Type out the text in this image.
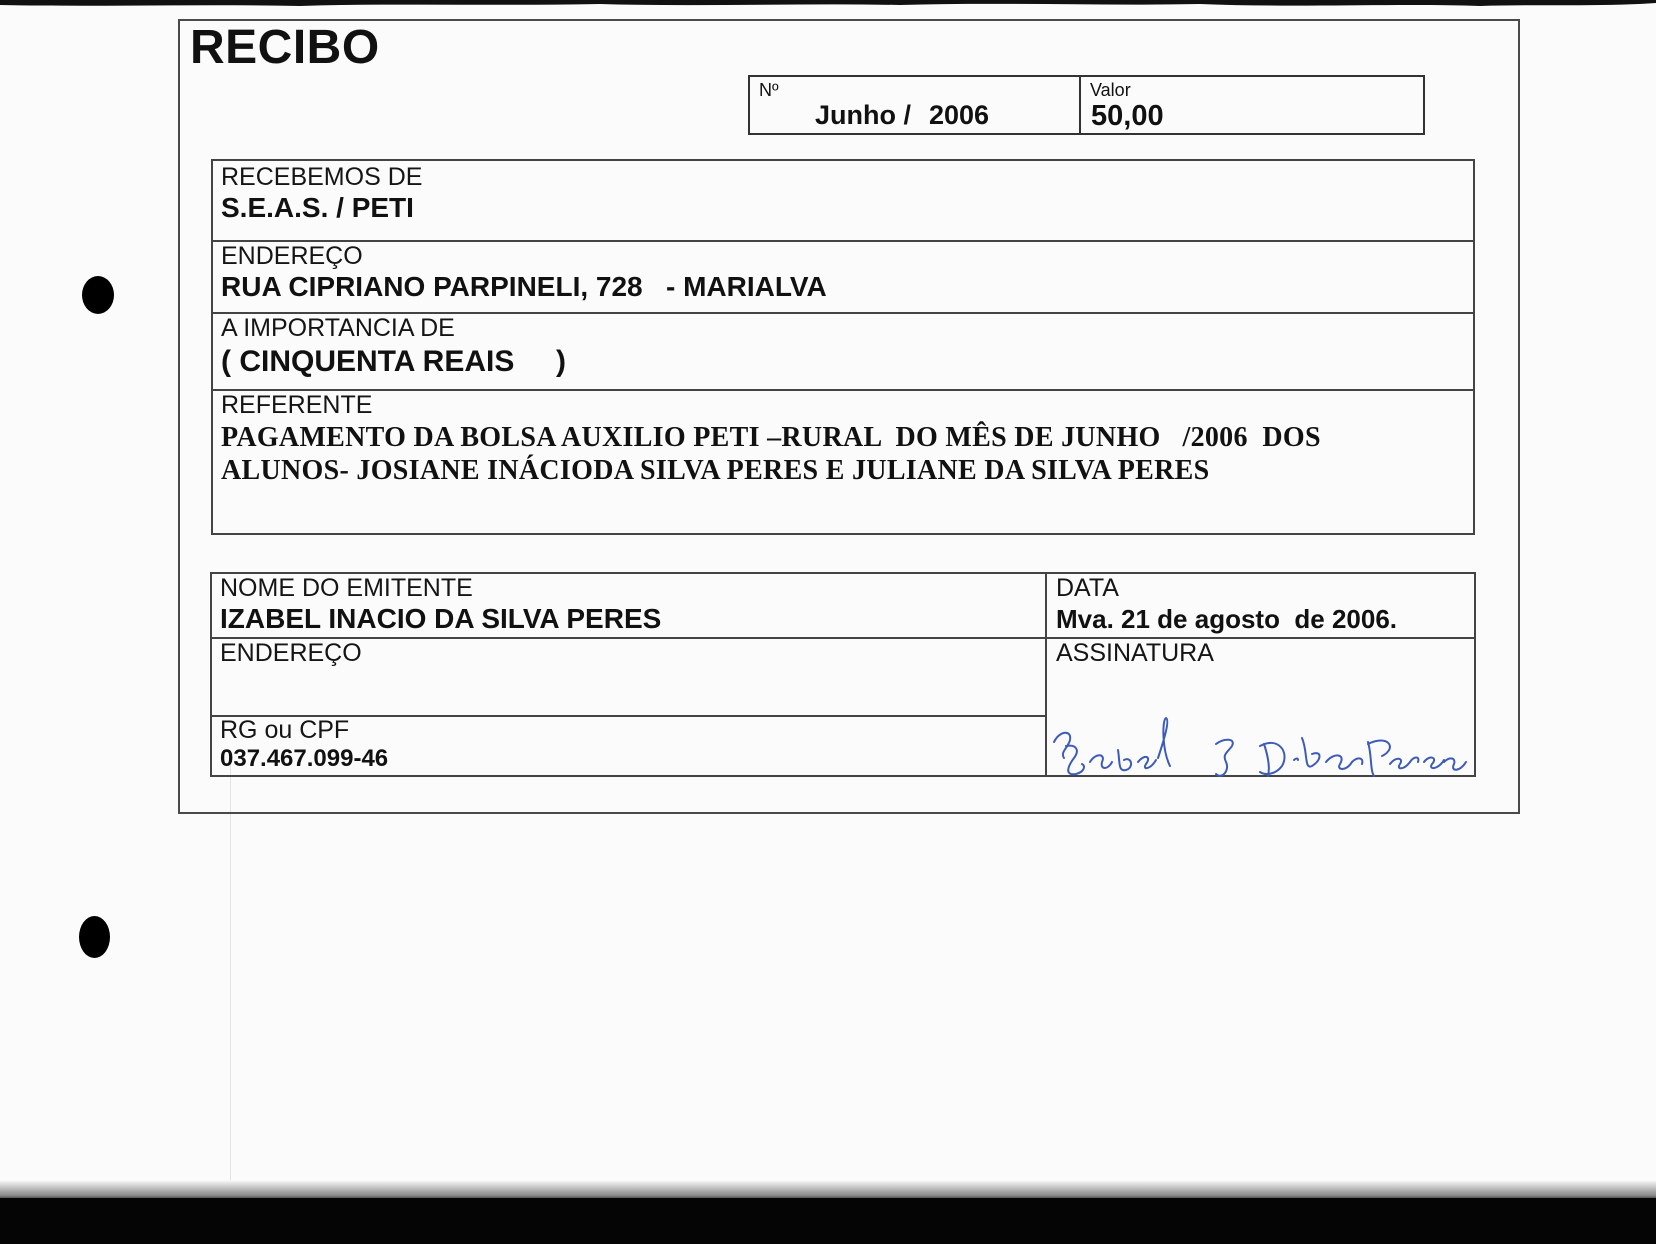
RECIBO
Nº
Junho / 2006
Valor
50,00
RECEBEMOS DE
S.E.A.S. / PETI
ENDEREÇO
RUA CIPRIANO PARPINELI, 728   - MARIALVA
A IMPORTANCIA DE
( CINQUENTA REAIS     )
REFERENTE
PAGAMENTO DA BOLSA AUXILIO PETI –RURAL  DO MÊS DE JUNHO   /2006  DOS
ALUNOS- JOSIANE INÁCIODA SILVA PERES E JULIANE DA SILVA PERES
NOME DO EMITENTE
IZABEL INACIO DA SILVA PERES
DATA
Mva. 21 de agosto  de 2006.
ENDEREÇO	ASSINATURA
RG ou CPF
037.467.099-46
